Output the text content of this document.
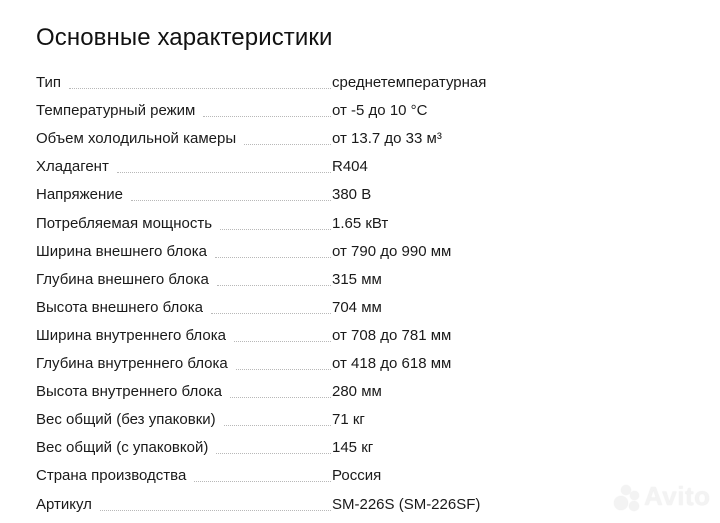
Основные характеристики
Тип	среднетемпературная
Температурный режим	от -5 до 10 °С
Объем холодильной камеры	от 13.7 до 33 м³
Хладагент	R404
Напряжение	380 В
Потребляемая мощность	1.65 кВт
Ширина внешнего блока	от 790 до 990 мм
Глубина внешнего блока	315 мм
Высота внешнего блока	704 мм
Ширина внутреннего блока	от 708 до 781 мм
Глубина внутреннего блока	от 418 до 618 мм
Высота внутреннего блока	280 мм
Вес общий (без упаковки)	71 кг
Вес общий (с упаковкой)	145 кг
Страна производства	Россия
Артикул	SM-226S (SM-226SF)	Avito
